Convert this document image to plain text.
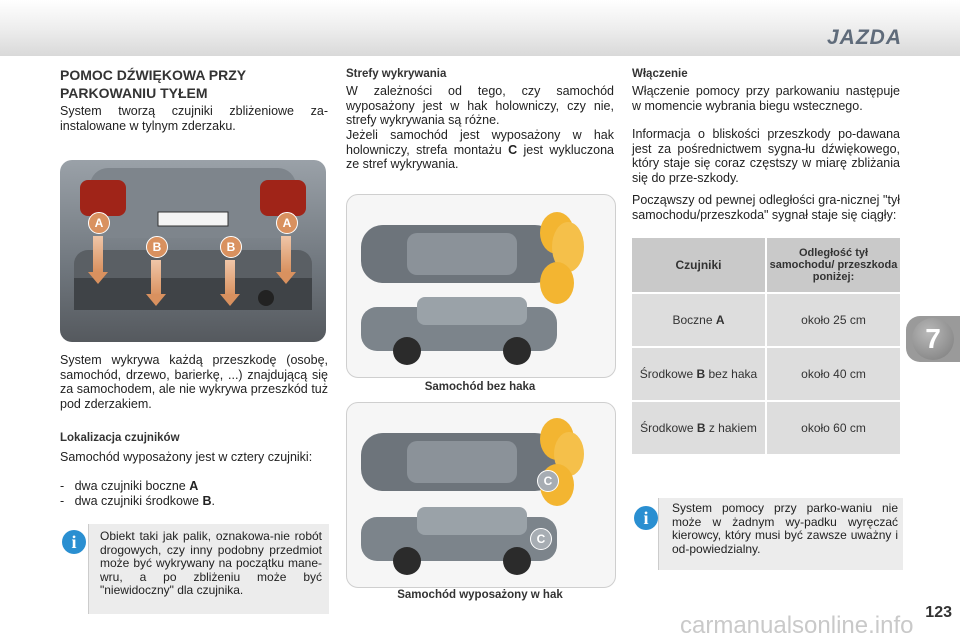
JAZDA
7
123
carmanualsonline.info
POMOC DŹWIĘKOWA PRZY PARKOWANIU TYŁEM

System tworzą czujniki zbliżeniowe za-instalowane w tylnym zderzaku.

A	A
B	B

System wykrywa każdą przeszkodę (osobę, samochód, drzewo, barierkę, ...) znajdującą się za samochodem, ale nie wykrywa przeszkód tuż pod zderzakiem.

Lokalizacja czujników

Samochód wyposażony jest w cztery czujniki:

-   dwa czujniki boczne A
-   dwa czujniki środkowe B.
i	Obiekt taki jak palik, oznakowa-nie robót drogowych, czy inny podobny przedmiot może być wykrywany na początku mane-wru, a po zbliżeniu może być "niewidoczny" dla czujnika.

Strefy wykrywania

W zależności od tego, czy samochód wyposażony jest w hak holowniczy, czy nie, strefy wykrywania są różne.

Jeżeli samochód jest wyposażony w hak holowniczy, strefa montażu C jest wykluczona ze stref wykrywania.
Samochód bez haka
C
C
Samochód wyposażony w hak
Włączenie

Włączenie pomocy przy parkowaniu następuje w momencie wybrania biegu wstecznego.

Informacja o bliskości przeszkody po-dawana jest za pośrednictwem sygna-łu dźwiękowego, który staje się coraz częstszy w miarę zbliżania się do prze-szkody.

Począwszy od pewnej odległości gra-nicznej "tył samochodu/przeszkoda" sygnał staje się ciągły:

Czujniki	Odległość tył samochodu/ przeszkoda poniżej:
Boczne A	około 25 cm
Środkowe B bez haka	około 40 cm
Środkowe B z hakiem	około 60 cm
i	System pomocy przy parko-waniu nie może w żadnym wy-padku wyręczać kierowcy, który musi być zawsze uważny i od-powiedzialny.
